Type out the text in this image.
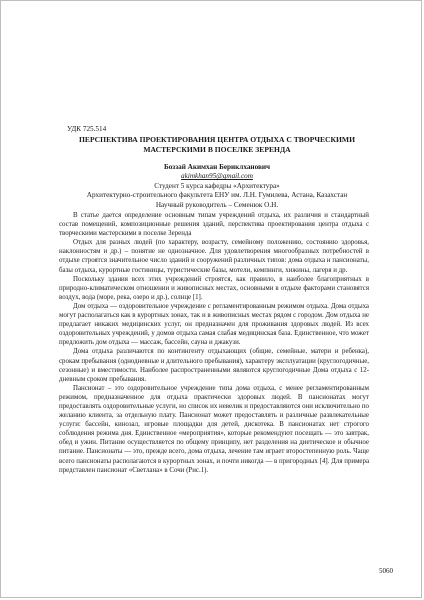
УДК 725.514
ПЕРСПЕКТИВА ПРОЕКТИРОВАНИЯ ЦЕНТРА ОТДЫХА С ТВОРЧЕСКИМИ МАСТЕРСКИМИ В ПОСЕЛКЕ ЗЕРЕНДА
Боззай Акимхан Бериклханович
akimkhan95@gmail.com
Студент 5 курса кафедры «Архитектура»
Архитектурно-строительного факультета ЕНУ им. Л.Н. Гумилева, Астана, Казахстан
Научный руководитель – Семенюк О.Н.

В статье дается определение основным типам учреждений отдыха, их различия и стандартный состав помещений, композиционные решения зданий, перспектива проектирования центра отдыха с творческими мастерскими в поселке Зеренда

Отдых для разных людей (по характеру, возрасту, семейному положению, состоянию здоровья, наклонностям и др.) – понятие не однозначное. Для удовлетворения многообразных потребностей в отдыхе строятся значительное число зданий и сооружений различных типов: дома отдыха и пансионаты, базы отдыха, курортные гостиницы, туристические базы, мотели, кемпинги, хижины, лагеря и др.

Поскольку здания всех этих учреждений строятся, как правило, в наиболее благоприятных в природно-климатическом отношении и живописных местах, основными в отдыхе факторами становятся воздух, вода (море, река, озеро и др.), солнце [1].

Дом отдыха — оздоровительное учреждение с регламентированным режимом отдыха. Дома отдыха могут располагаться как в курортных зонах, так и в живописных местах рядом с городом. Дом отдыха не предлагает никаких медицинских услуг, он предназначен для проживания здоровых людей. Из всех оздоровительных учреждений, у домов отдыха самая слабая медицинская база. Единственное, что может предложить дом отдыха — массаж, бассейн, сауна и джакузи.

Дома отдыха различаются по контингенту отдыхающих (общие, семейные, матери и ребенка), срокам пребывания (однодневные и длительного пребывания), характеру эксплуатации (круглогодичные, сезонные) и вместимости. Наиболее распространенными являются круглогодичные Дома отдыха с 12-дневным сроком пребывания.

Пансионат – это оздоровительное учреждение типа дома отдыха, с менее регламентированным режимом, предназначенное для отдыха практически здоровых людей. В пансионатах могут предоставлять оздоровительные услуги, но список их невелик и предоставляются они исключительно по желанию клиента, за отдельную плату. Пансионат может предоставлять и различные развлекательные услуги: бассейн, кинозал, игровые площадки для детей, дискотека. В пансионатах нет строгого соблюдения режима дня. Единственное «мероприятия», которые рекомендуют посещать — это завтрак, обед и ужин. Питание осуществляется по общему принципу, нет разделения на диетическое и обычное питание. Пансионаты — это, прежде всего, дома отдыха, лечение там играет второстепенную роль. Чаще всего пансионаты располагаются в курортных зонах, и почти никогда — в пригородных [4]. Для примера представлен пансионат «Светлана» в Сочи (Рис.1).

5060
